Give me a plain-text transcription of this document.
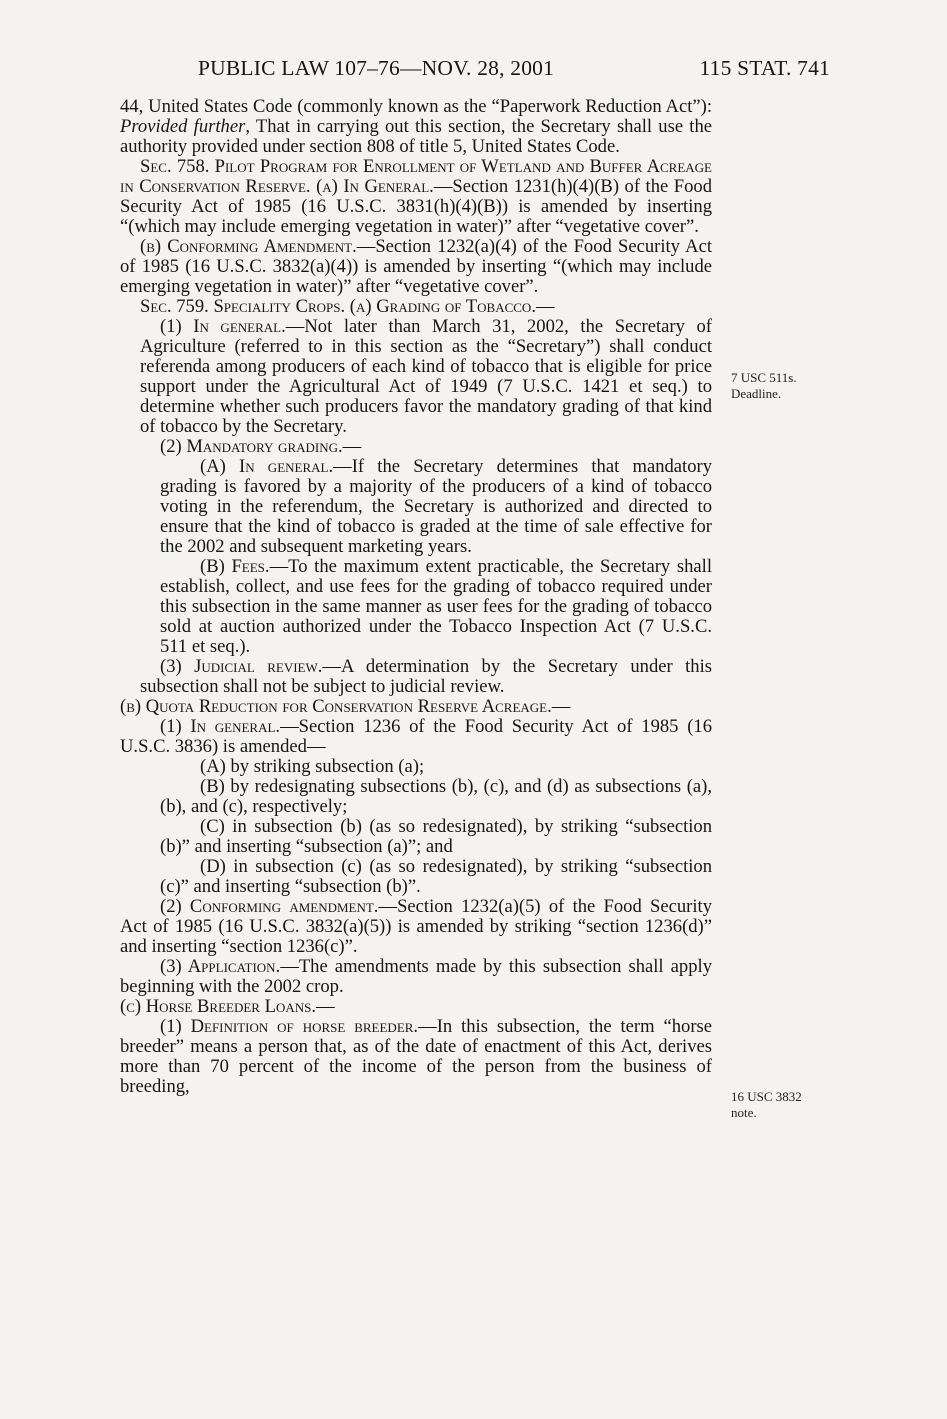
PUBLIC LAW 107–76—NOV. 28, 2001	115 STAT. 741

44, United States Code (commonly known as the “Paperwork Reduction Act”): Provided further, That in carrying out this section, the Secretary shall use the authority provided under section 808 of title 5, United States Code.

Sec. 758. Pilot Program for Enrollment of Wetland and Buffer Acreage in Conservation Reserve. (a) In General.—Section 1231(h)(4)(B) of the Food Security Act of 1985 (16 U.S.C. 3831(h)(4)(B)) is amended by inserting “(which may include emerging vegetation in water)” after “vegetative cover”.

(b) Conforming Amendment.—Section 1232(a)(4) of the Food Security Act of 1985 (16 U.S.C. 3832(a)(4)) is amended by inserting “(which may include emerging vegetation in water)” after “vegetative cover”.

Sec. 759. Speciality Crops. (a) Grading of Tobacco.—

(1) In general.—Not later than March 31, 2002, the Secretary of Agriculture (referred to in this section as the “Secretary”) shall conduct referenda among producers of each kind of tobacco that is eligible for price support under the Agricultural Act of 1949 (7 U.S.C. 1421 et seq.) to determine whether such producers favor the mandatory grading of that kind of tobacco by the Secretary.

(2) Mandatory grading.—

(A) In general.—If the Secretary determines that mandatory grading is favored by a majority of the producers of a kind of tobacco voting in the referendum, the Secretary is authorized and directed to ensure that the kind of tobacco is graded at the time of sale effective for the 2002 and subsequent marketing years.

(B) Fees.—To the maximum extent practicable, the Secretary shall establish, collect, and use fees for the grading of tobacco required under this subsection in the same manner as user fees for the grading of tobacco sold at auction authorized under the Tobacco Inspection Act (7 U.S.C. 511 et seq.).

(3) Judicial review.—A determination by the Secretary under this subsection shall not be subject to judicial review.

(b) Quota Reduction for Conservation Reserve Acreage.—

(1) In general.—Section 1236 of the Food Security Act of 1985 (16 U.S.C. 3836) is amended—

(A) by striking subsection (a);

(B) by redesignating subsections (b), (c), and (d) as subsections (a), (b), and (c), respectively;

(C) in subsection (b) (as so redesignated), by striking “subsection (b)” and inserting “subsection (a)”; and

(D) in subsection (c) (as so redesignated), by striking “subsection (c)” and inserting “subsection (b)”.

(2) Conforming amendment.—Section 1232(a)(5) of the Food Security Act of 1985 (16 U.S.C. 3832(a)(5)) is amended by striking “section 1236(d)” and inserting “section 1236(c)”.

(3) Application.—The amendments made by this subsection shall apply beginning with the 2002 crop.

(c) Horse Breeder Loans.—

(1) Definition of horse breeder.—In this subsection, the term “horse breeder” means a person that, as of the date of enactment of this Act, derives more than 70 percent of the income of the person from the business of breeding,

7 USC 511s.
Deadline.
16 USC 3832
note.
